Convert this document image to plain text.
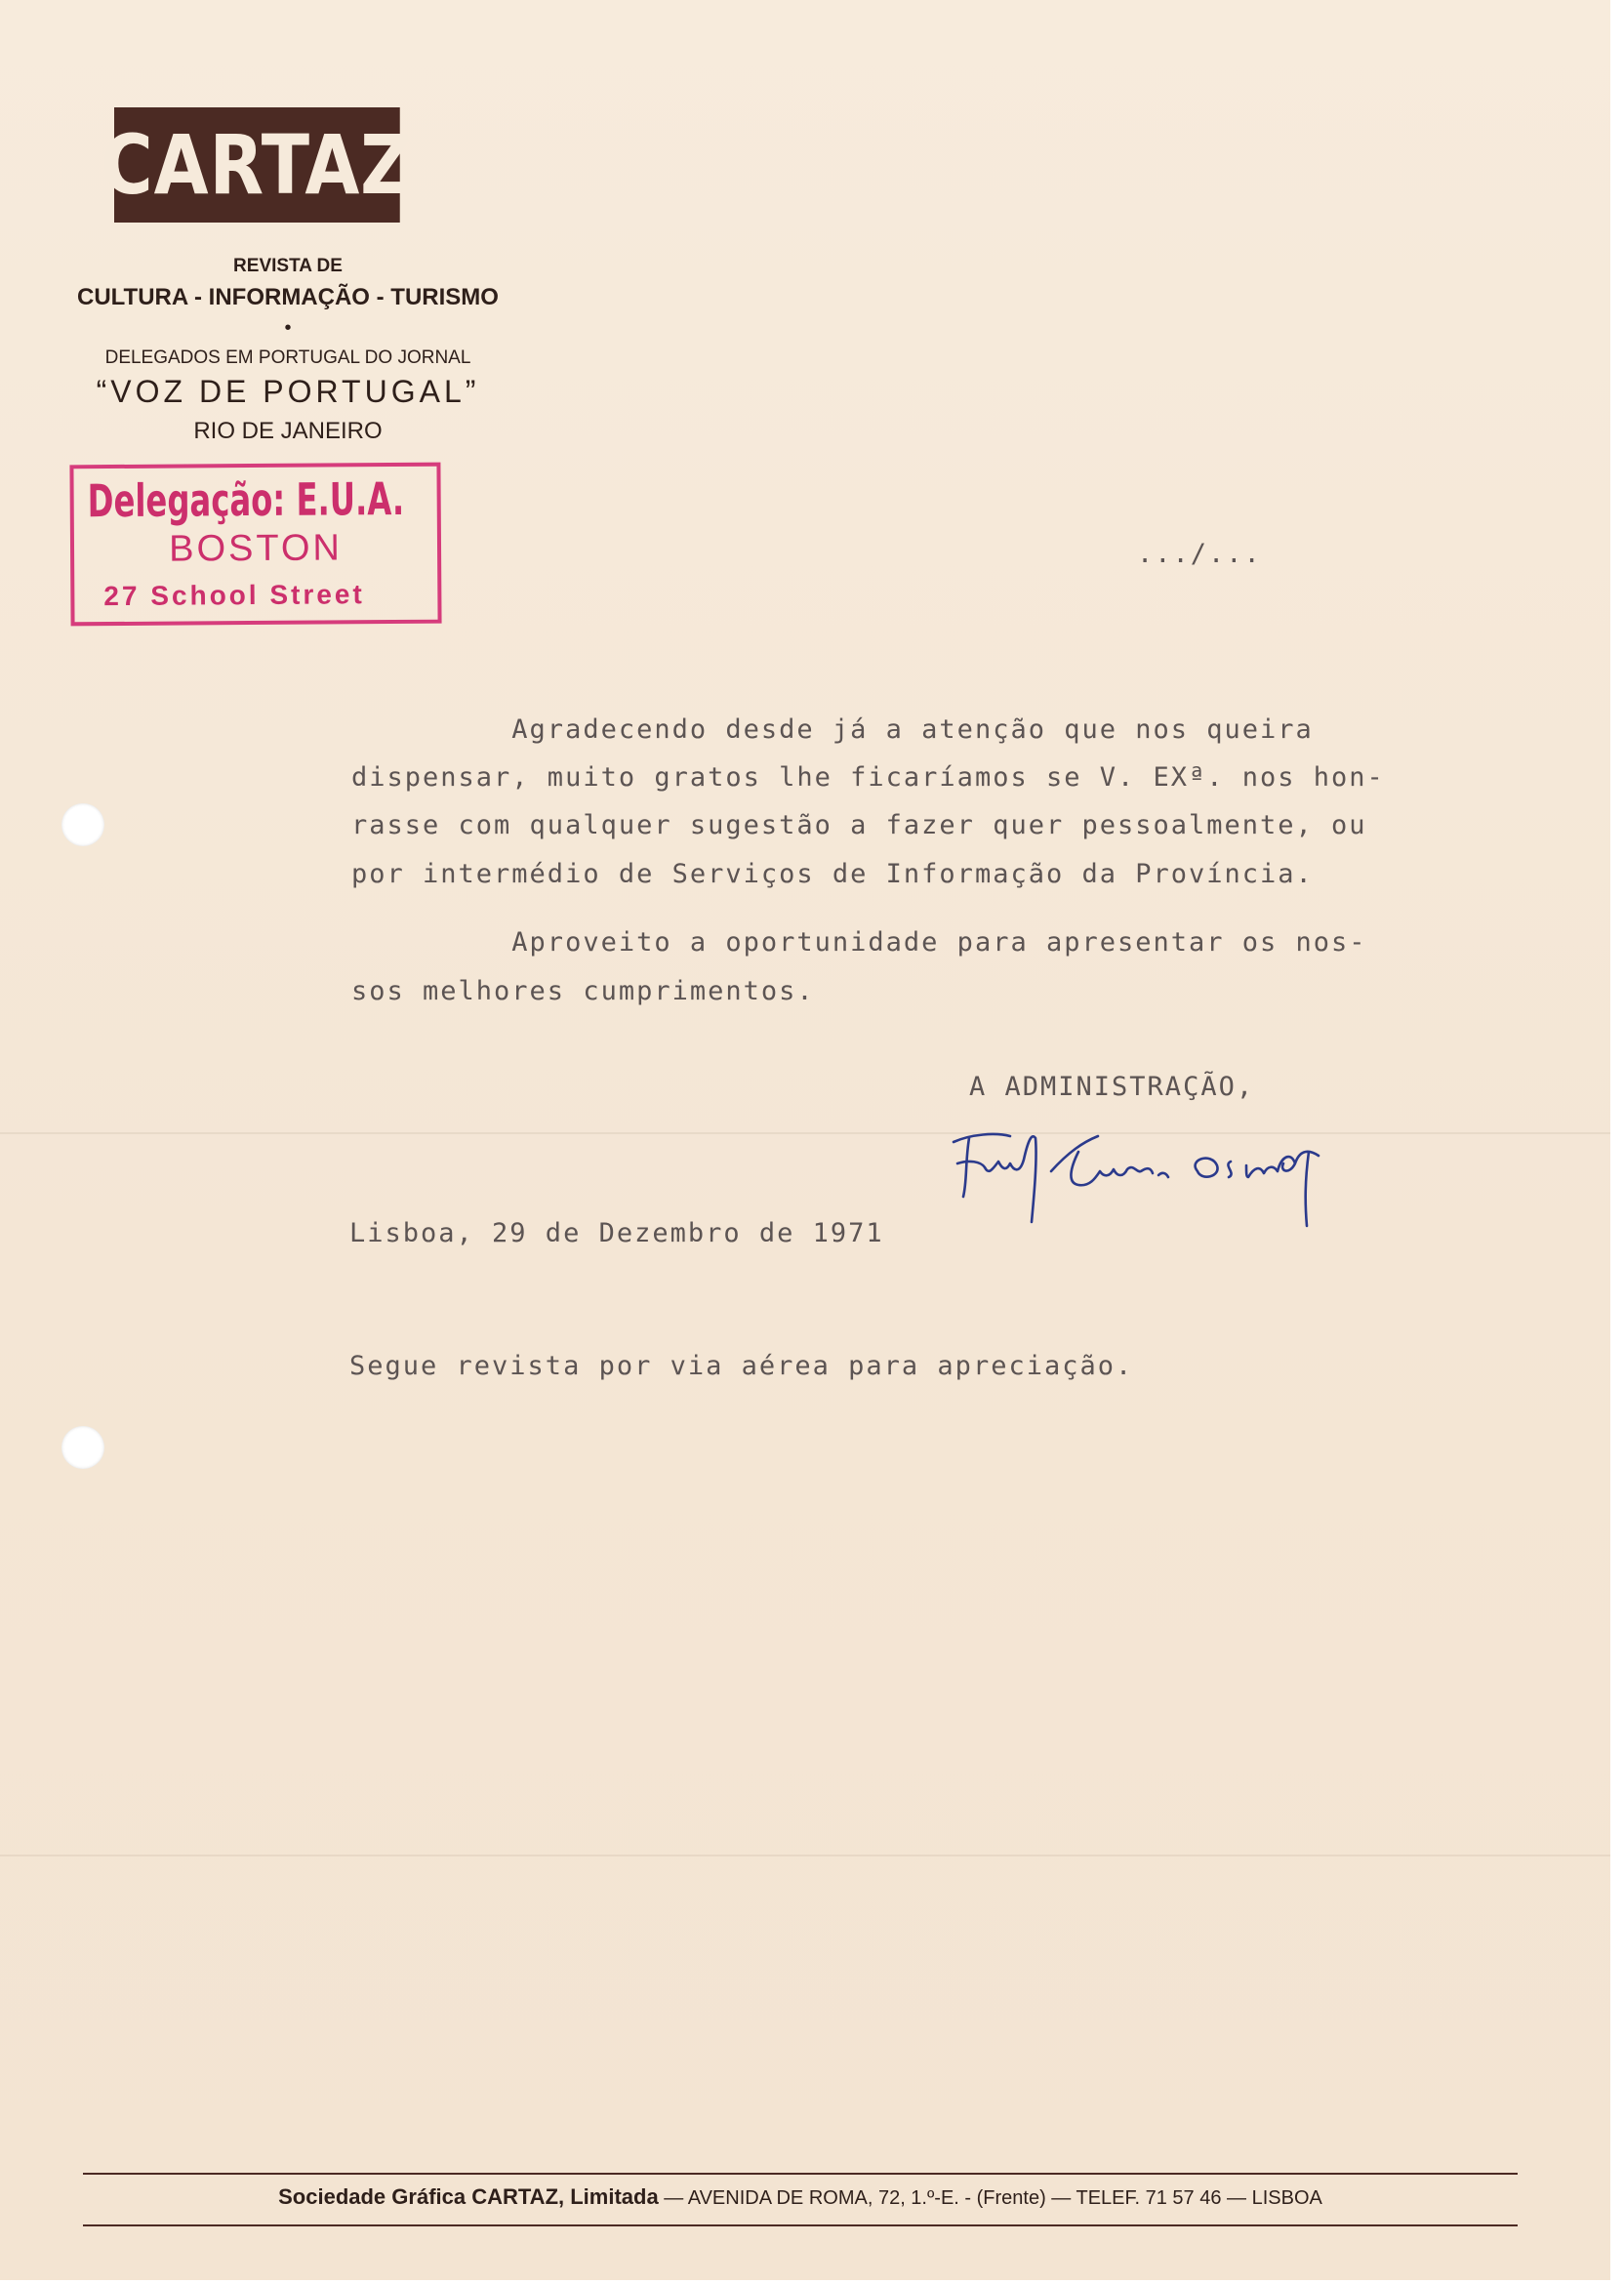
CARTAZ
REVISTA DE
CULTURA - INFORMAÇÃO - TURISMO
•
DELEGADOS EM PORTUGAL DO JORNAL
“VOZ DE PORTUGAL”
RIO DE JANEIRO
Delegação: E.U.A.
BOSTON
27 School Street
.../...
Agradecendo desde já a atenção que nos queira
dispensar, muito gratos lhe ficaríamos se V. EXª. nos hon-
rasse com qualquer sugestão a fazer quer pessoalmente, ou
por intermédio de Serviços de Informação da Província.
Aproveito a oportunidade para apresentar os nos-
sos melhores cumprimentos.
A ADMINISTRAÇÃO,
Lisboa, 29 de Dezembro de 1971
Segue revista por via aérea para apreciação.
Sociedade Gráfica CARTAZ, Limitada — AVENIDA DE ROMA, 72, 1.º-E. - (Frente) — TELEF. 71 57 46 — LISBOA
